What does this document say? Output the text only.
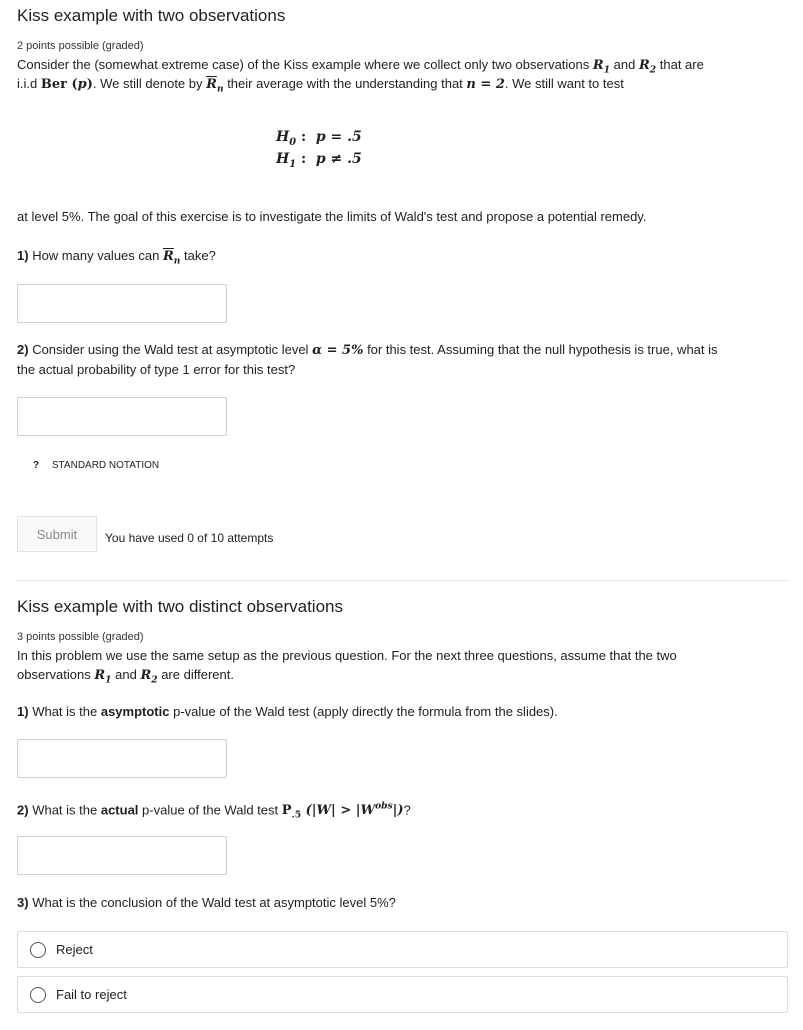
Kiss example with two observations
2 points possible (graded)
Consider the (somewhat extreme case) of the Kiss example where we collect only two observations $R_1$ and $R_2$ that are
i.i.d Ber (p). We still denote by $\overline{R}_n$ their average with the understanding that n = 2. We still want to test
$H_0$ : p = .5
$H_1$ : p ≠ .5
at level 5%. The goal of this exercise is to investigate the limits of Wald's test and propose a potential remedy.
1) How many values can $\overline{R}_n$ take?
2) Consider using the Wald test at asymptotic level α = 5% for this test. Assuming that the null hypothesis is true, what is
the actual probability of type 1 error for this test?
? STANDARD NOTATION
Submit	You have used 0 of 10 attempts
Kiss example with two distinct observations
3 points possible (graded)
In this problem we use the same setup as the previous question. For the next three questions, assume that the two
observations $R_1$ and $R_2$ are different.
1) What is the asymptotic p-value of the Wald test (apply directly the formula from the slides).
2) What is the actual p-value of the Wald test $P_{.5}$ $(|W| > |W^{obs}|)$?
3) What is the conclusion of the Wald test at asymptotic level 5%?
Reject
Fail to reject
